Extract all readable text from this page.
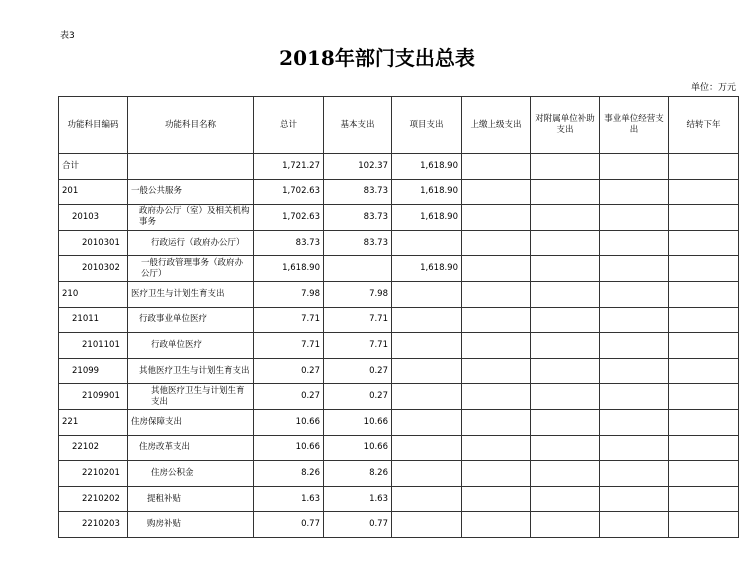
表3
2018年部门支出总表
单位：万元
功能科目编码	功能科目名称	总计	基本支出	项目支出	上缴上级支出	对附属单位补助支出	事业单位经营支出	结转下年
合计		1,721.27	102.37	1,618.90				
201	一般公共服务	1,702.63	83.73	1,618.90				
20103	政府办公厅（室）及相关机构事务	1,702.63	83.73	1,618.90				
2010301	行政运行（政府办公厅）	83.73	83.73					
2010302	一般行政管理事务（政府办公厅）	1,618.90		1,618.90				
210	医疗卫生与计划生育支出	7.98	7.98					
21011	行政事业单位医疗	7.71	7.71					
2101101	行政单位医疗	7.71	7.71					
21099	其他医疗卫生与计划生育支出	0.27	0.27					
2109901	其他医疗卫生与计划生育支出	0.27	0.27					
221	住房保障支出	10.66	10.66					
22102	住房改革支出	10.66	10.66					
2210201	住房公积金	8.26	8.26					
2210202	提租补贴	1.63	1.63					
2210203	购房补贴	0.77	0.77					
